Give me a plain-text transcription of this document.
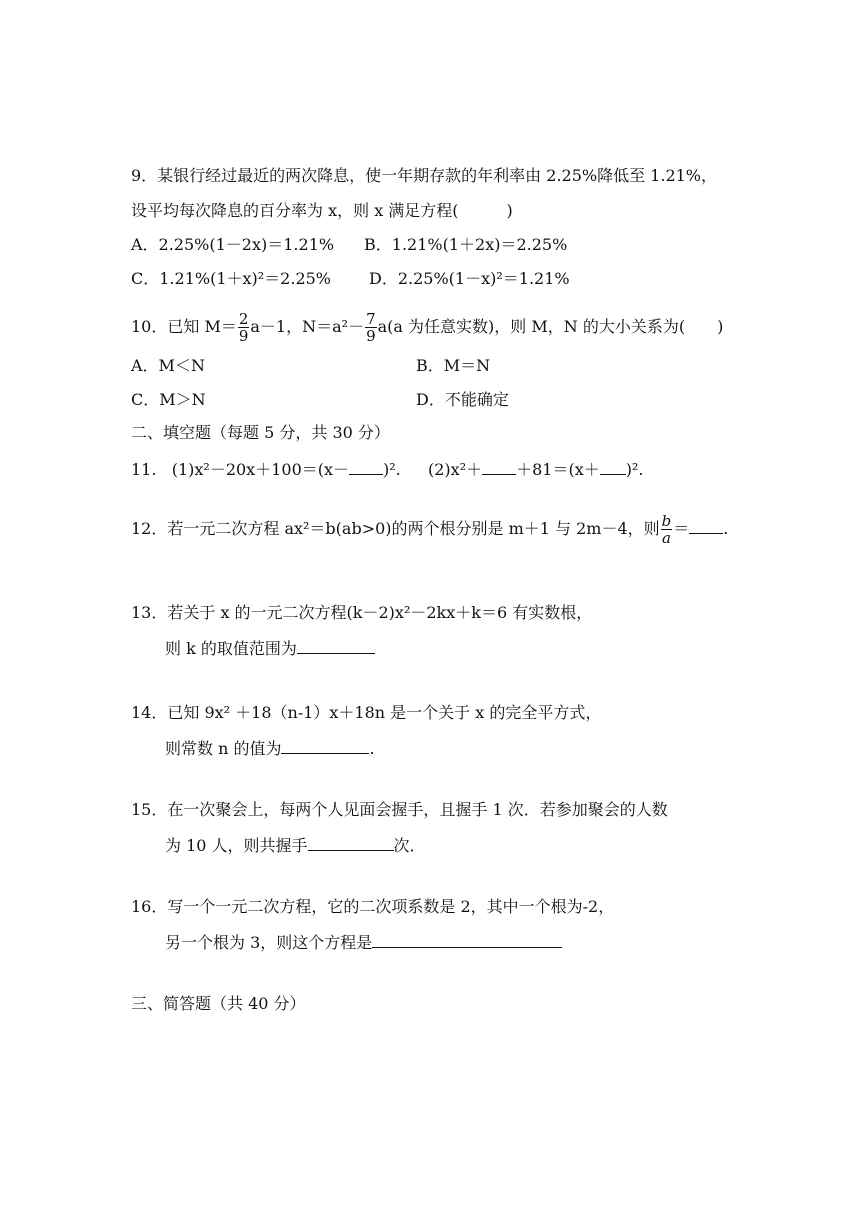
9．某银行经过最近的两次降息，使一年期存款的年利率由 2.25%降低至 1.21%，
设平均每次降息的百分率为 x，则 x 满足方程(　　　)
A．2.25%(1－2x)＝1.21% B．1.21%(1＋2x)＝2.25%
C．1.21%(1＋x)²＝2.25% D．2.25%(1－x)²＝1.21%
10．已知 $M= \frac{2}{9} a-1$，$N=a^2- \frac{7}{9} a(a$ 为任意实数)，则 M，N 的大小关系为(　　)
A．M＜N	B．M＝N
C．M＞N	D．不能确定
二、填空题（每题 5 分，共 30 分）
11. (1)x²－20x＋100＝(x－ )². (2)x²＋ ＋81＝(x＋ )².
12．若一元二次方程 ax²＝b(ab>0)的两个根分别是 m＋1 与 2m－4，则 $\frac{b}{a}$ ＝ .
13．若关于 x 的一元二次方程(k－2)x²－2kx＋k＝6 有实数根，
则 k 的取值范围为
14．已知 9x² ＋18（n-1）x＋18n 是一个关于 x 的完全平方式，
则常数 n 的值为	.
15．在一次聚会上，每两个人见面会握手，且握手 1 次．若参加聚会的人数
为 10 人，则共握手	次．
16．写一个一元二次方程，它的二次项系数是 2，其中一个根为-2，
另一个根为 3，则这个方程是
三、简答题（共 40 分）
